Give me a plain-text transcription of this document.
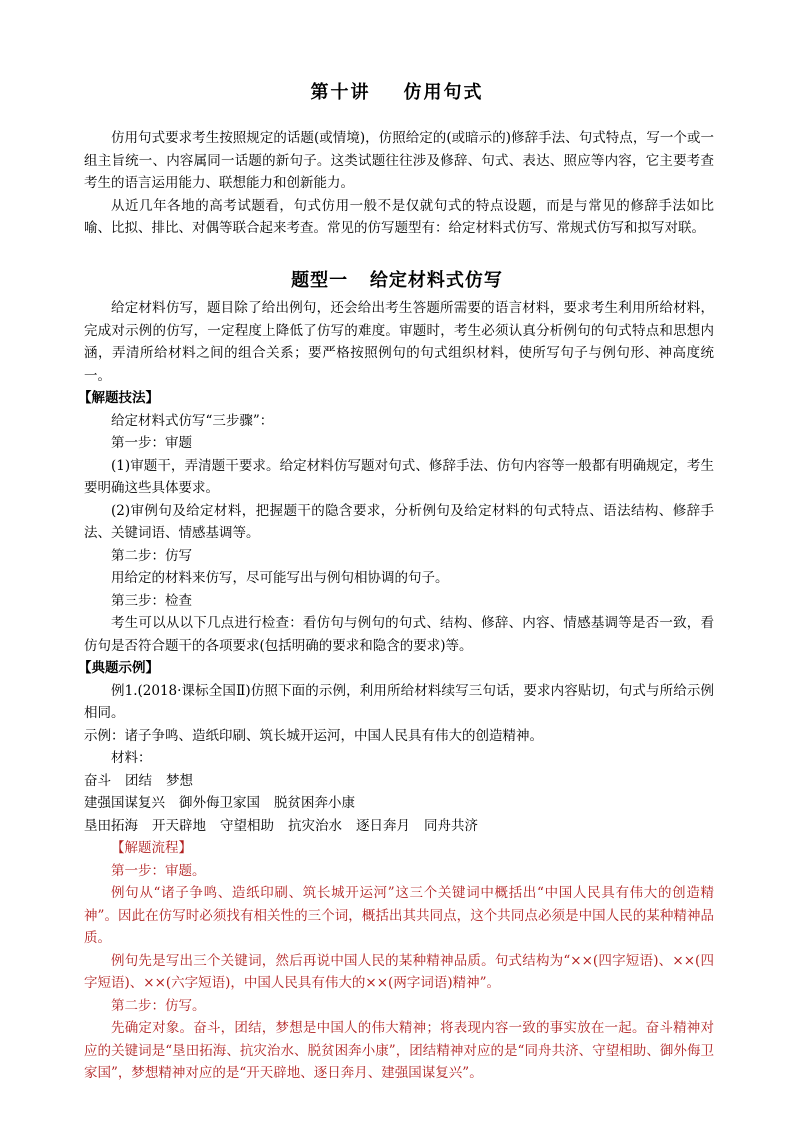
第十讲    仿用句式

仿用句式要求考生按照规定的话题(或情境)，仿照给定的(或暗示的)修辞手法、句式特点，写一个或一组主旨统一、内容属同一话题的新句子。这类试题往往涉及修辞、句式、表达、照应等内容，它主要考查考生的语言运用能力、联想能力和创新能力。

从近几年各地的高考试题看，句式仿用一般不是仅就句式的特点设题，而是与常见的修辞手法如比喻、比拟、排比、对偶等联合起来考查。常见的仿写题型有：给定材料式仿写、常规式仿写和拟写对联。

题型一   给定材料式仿写

给定材料仿写，题目除了给出例句，还会给出考生答题所需要的语言材料，要求考生利用所给材料，完成对示例的仿写，一定程度上降低了仿写的难度。审题时，考生必须认真分析例句的句式特点和思想内涵，弄清所给材料之间的组合关系；要严格按照例句的句式组织材料，使所写句子与例句形、神高度统一。

【解题技法】

给定材料式仿写“三步骤”：

第一步：审题

(1)审题干，弄清题干要求。给定材料仿写题对句式、修辞手法、仿句内容等一般都有明确规定，考生要明确这些具体要求。

(2)审例句及给定材料，把握题干的隐含要求，分析例句及给定材料的句式特点、语法结构、修辞手法、关键词语、情感基调等。

第二步：仿写

用给定的材料来仿写，尽可能写出与例句相协调的句子。

第三步：检查

考生可以从以下几点进行检查：看仿句与例句的句式、结构、修辞、内容、情感基调等是否一致，看仿句是否符合题干的各项要求(包括明确的要求和隐含的要求)等。

【典题示例】

例1.(2018·课标全国Ⅱ)仿照下面的示例，利用所给材料续写三句话，要求内容贴切，句式与所给示例相同。

示例：诸子争鸣、造纸印刷、筑长城开运河，中国人民具有伟大的创造精神。

材料：

奋斗 团结 梦想

建强国谋复兴 御外侮卫家国 脱贫困奔小康

垦田拓海 开天辟地 守望相助 抗灾治水 逐日奔月 同舟共济

【解题流程】

第一步：审题。

例句从“诸子争鸣、造纸印刷、筑长城开运河”这三个关键词中概括出“中国人民具有伟大的创造精神”。因此在仿写时必须找有相关性的三个词，概括出其共同点，这个共同点必须是中国人民的某种精神品质。

例句先是写出三个关键词，然后再说中国人民的某种精神品质。句式结构为“××(四字短语)、××(四字短语)、××(六字短语)，中国人民具有伟大的××(两字词语)精神”。

第二步：仿写。

先确定对象。奋斗，团结，梦想是中国人的伟大精神；将表现内容一致的事实放在一起。奋斗精神对应的关键词是“垦田拓海、抗灾治水、脱贫困奔小康”，团结精神对应的是“同舟共济、守望相助、御外侮卫家国”，梦想精神对应的是“开天辟地、逐日奔月、建强国谋复兴”。
